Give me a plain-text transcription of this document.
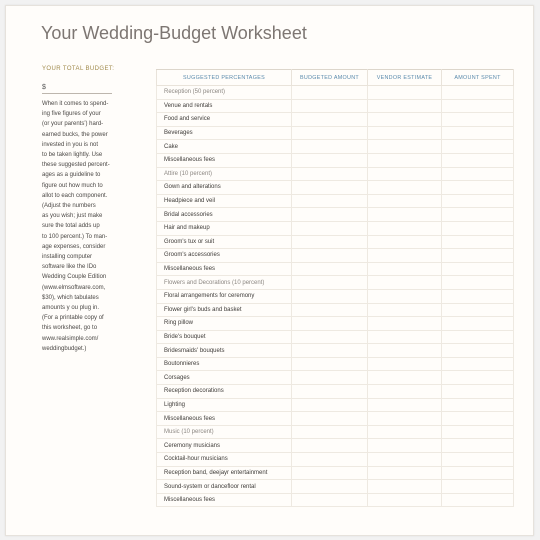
Your Wedding-Budget Worksheet
YOUR TOTAL BUDGET:
$
When it comes to spend-
ing five figures of your
(or your parents') hard-
earned bucks, the power
invested in you is not
to be taken lightly. Use
these suggested percent-
ages as a guideline to
figure out how much to
allot to each component.
(Adjust the numbers
as you wish; just make
sure the total adds up
to 100 percent.) To man-
age expenses, consider
installing computer
software like the IDo
Wedding Couple Edition
(www.elmsoftware.com,
$30), which tabulates
amounts y ou plug in.
(For a printable copy of
this worksheet, go to
www.realsimple.com/
weddingbudget.)
SUGGESTED PERCENTAGES	BUDGETED AMOUNT	VENDOR ESTIMATE	AMOUNT SPENT
Reception (50 percent)			
Venue and rentals			
Food and service			
Beverages			
Cake			
Miscellaneous fees			
Attire (10 percent)			
Gown and alterations			
Headpiece and veil			
Bridal accessories			
Hair and makeup			
Groom's tux or suit			
Groom's accessories			
Miscellaneous fees			
Flowers and Decorations (10 percent)			
Floral arrangements for ceremony			
Flower girl's buds and basket			
Ring pillow			
Bride's bouquet			
Bridesmaids' bouquets			
Boutonnieres			
Corsages			
Reception decorations			
Lighting			
Miscellaneous fees			
Music (10 percent)			
Ceremony musicians			
Cocktail-hour musicians			
Reception band, deejayr entertainment			
Sound-system or dancefloor rental			
Miscellaneous fees			
